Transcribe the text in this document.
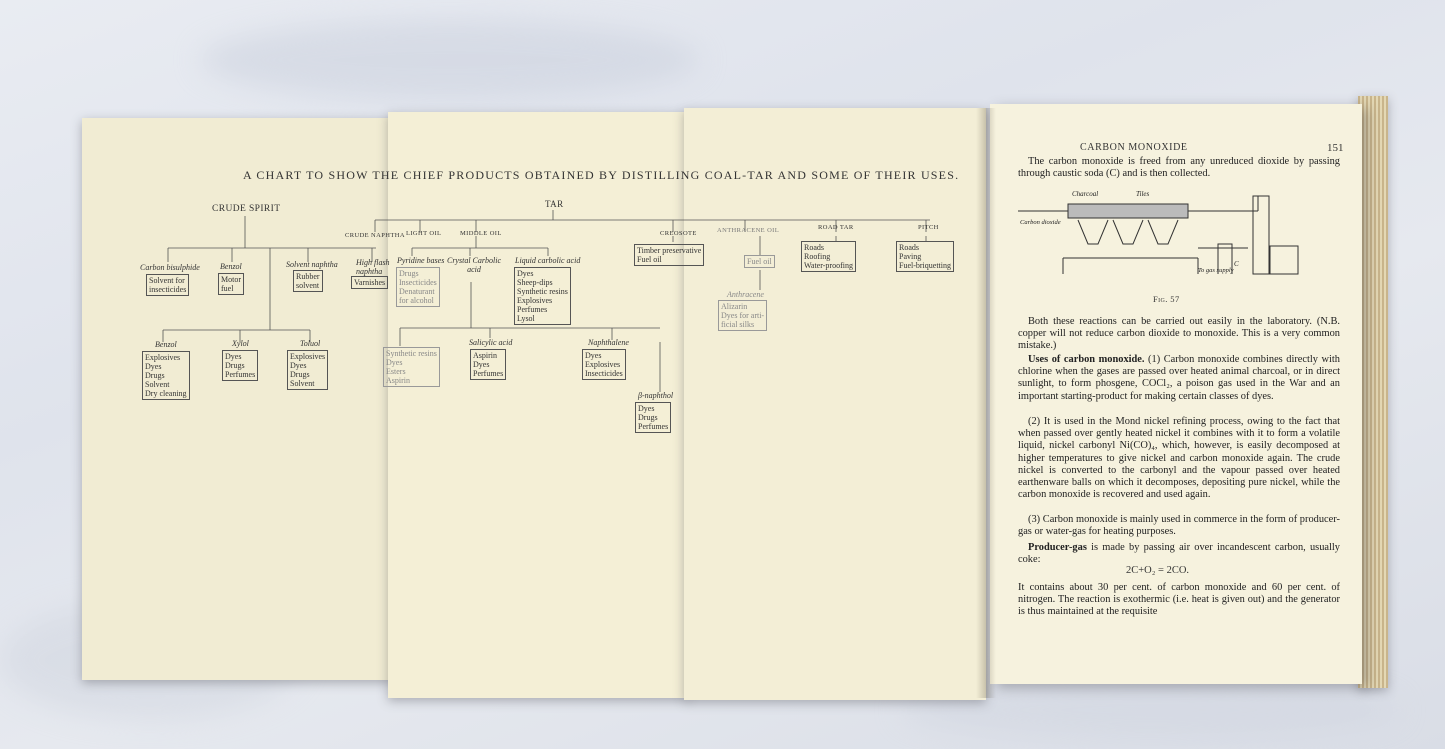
A CHART TO SHOW THE CHIEF PRODUCTS OBTAINED BY DISTILLING COAL-TAR AND SOME OF THEIR USES.
TAR
CRUDE SPIRIT
CRUDE NAPHTHA LIGHT OIL	MIDDLE OIL	CREOSOTE	ANTHRACENE OIL	ROAD TAR	PITCH
Carbon bisulphide
Solvent for
insecticides
Benzol
Motor
fuel
Solvent naphtha
Rubber
solvent
High flash naphtha
Varnishes
Benzol
Explosives
Dyes
Drugs
Solvent
Dry cleaning
Xylol
Dyes
Drugs
Perfumes
Toluol
Explosives
Dyes
Drugs
Solvent
Pyridine bases
Drugs
Insecticides
Denaturant
for alcohol
Crystal Carbolic acid
Liquid carbolic acid
Dyes
Sheep-dips
Synthetic resins
Explosives
Perfumes
Lysol
Synthetic resins
Dyes
Esters
Aspirin
Salicylic acid
Aspirin
Dyes
Perfumes
Naphthalene
Dyes
Explosives
Insecticides
β-naphthol
Dyes
Drugs
Perfumes
Timber preservative
Fuel oil	Fuel oil
Anthracene
Alizarin
Dyes for arti-
ficial silks
Roads
Roofing
Water-proofing
Roads
Paving
Fuel-briquetting
CARBON MONOXIDE	151

The carbon monoxide is freed from any unreduced dioxide by passing through caustic soda (C) and is then collected.

Charcoal	Tiles
Carbon dioxide
To gas supply
C
Fig. 57

Both these reactions can be carried out easily in the laboratory. (N.B. copper will not reduce carbon dioxide to monoxide. This is a very common mistake.)

Uses of carbon monoxide. (1) Carbon monoxide combines directly with chlorine when the gases are passed over heated animal charcoal, or in direct sunlight, to form phosgene, COCl₂, a poison gas used in the War and an important starting-product for making certain classes of dyes.

(2) It is used in the Mond nickel refining process, owing to the fact that when passed over gently heated nickel it combines with it to form a volatile liquid, nickel carbonyl Ni(CO)₄, which, however, is easily decomposed at higher temperatures to give nickel and carbon monoxide again. The crude nickel is converted to the carbonyl and the vapour passed over heated earthenware balls on which it decomposes, depositing pure nickel, while the carbon monoxide is recovered and used again.

(3) Carbon monoxide is mainly used in commerce in the form of producer-gas or water-gas for heating purposes.

Producer-gas is made by passing air over incandescent carbon, usually coke:

2C+O₂ = 2CO.

It contains about 30 per cent. of carbon monoxide and 60 per cent. of nitrogen. The reaction is exothermic (i.e. heat is given out) and the generator is thus maintained at the requisite
